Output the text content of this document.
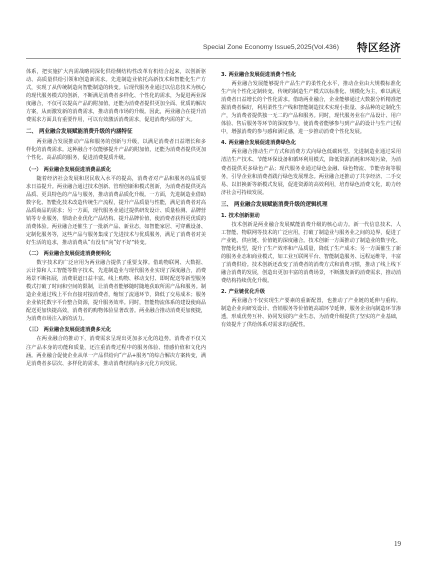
Special Zone Economy Issue5,2025(Vol.436) 特区经济

体系，把实施扩大内需战略同深化供给侧结构性改革有机结合起来，以创新驱动、高质量供给引领和创造新需求。先进制造业依托高新技术和智能化生产方式，实现了从传统制造向智能制造的转变。后现代服务业通过以信息技术为核心的现代服务模式的创新，不断满足消费者多样化、个性化的需求，为促进两业深度融合，不仅可以提高产品的附加值，还能为消费者提供更加全面、优质的解决方案，从而激发新的消费需求，推动消费市场的升级。因此，两业融合在提升消费需求方面具有重要作用，可以有效激活消费需求，促进消费内需的扩大。

二、 两业融合发展赋能消费升级的内涵特征

两业融合发展推动产品和服务的创新与升级，以满足消费者日益增长和多样化的消费需求。这种融合不仅能够提升产品的附加值，还能为消费者提供更加个性化、高品质的服务，促进消费提质升级。

（一） 两业融合发展促进消费品质化

随着经济社会发展和居民收入水平的提高，消费者对产品和服务的品质要求日益提升。两业融合通过技术创新、管理创新和模式创新，为消费者提供更高品质、更具特色的产品与服务，推动消费品质化升级。一方面，先进制造业借助数字化、智能化技术改造传统生产流程，提升产品质量与性能，满足消费者对高品质商品的需求；另一方面，现代服务业通过提供研发设计、质量检测、品牌营销等专业服务，帮助企业优化产品结构、提升品牌价值，使消费者获得更优质的消费体验。两业融合还催生了一批新产品、新业态，如智能家居、可穿戴设备、定制化服务等，这些产品与服务集成了先进技术与优质服务，满足了消费者对美好生活的追求，推动消费从“有没有”向“好不好”转变。

（二） 两业融合发展促进消费便利化

数字技术的广泛应用为两业融合提供了重要支撑。借助物联网、大数据、云计算和人工智能等数字技术，先进制造业与现代服务业实现了深度融合，消费场景不断拓展，消费渠道日益丰富。线上购物、移动支付、即时配送等新型服务模式打破了时间和空间的限制，让消费者能够随时随地获取所需产品和服务。制造企业通过线上平台直接对接消费者，缩短了流通环节，降低了交易成本；服务企业依托数字平台整合资源，提升服务效率。同时，智能物流体系的建设使商品配送更加快捷高效，消费者的购物体验显著改善。两业融合推动消费更加便捷，为消费市场注入新的活力。

（三） 两业融合发展促进消费多元化

在两业融合的推动下，消费需求呈现出更加多元化的趋势。消费者不仅关注产品本身的功能和质量，还注重消费过程中的服务体验、情感价值和文化内涵。两业融合促使企业从单一产品供给向“产品+服务”的综合解决方案转变，满足消费者多层次、多样化的需求，推动消费结构向多元化方向发展。

3. 两业融合发展促进消费个性化

两业融合发展能够提升产品生产的柔性化水平，推动企业由大规模标准化生产向个性化定制转变。传统的制造生产模式以标准化、规模化为主，难以满足消费者日益增长的个性化需求。借助两业融合，企业能够通过大数据分析精准把握消费者偏好，利用柔性生产线和智能制造技术实现小批量、多品种的定制化生产，为消费者提供独一无二的产品和服务。同时，现代服务业在产品设计、用户体验、售后服务等环节的深度参与，使消费者能够参与到产品的设计与生产过程中，增强消费的参与感和满足感，进一步推动消费个性化发展。

4. 两业融合发展促进消费绿色化

两业融合推动生产方式和消费方式向绿色低碳转型。先进制造业通过采用清洁生产技术、节能环保设备和循环利用模式，降低资源消耗和环境污染，为消费者提供更多绿色产品；现代服务业通过绿色金融、绿色物流、节能咨询等服务，引导企业和消费者践行绿色发展理念。两业融合还推动了共享经济、二手交易、以旧换新等新模式发展，促进资源的高效利用，培育绿色消费文化，助力经济社会可持续发展。

三、 两业融合发展赋能消费升级的逻辑机理
1. 技术创新驱动

技术创新是两业融合发展赋能消费升级的核心动力。新一代信息技术、人工智能、物联网等技术的广泛应用，打破了制造业与服务业之间的边界，促进了产业链、供应链、价值链的深度融合。技术创新一方面推动了制造业的数字化、智能化转型，提升了生产效率和产品质量，降低了生产成本；另一方面催生了新的服务业态和商业模式，如工业互联网平台、智能制造服务、远程运维等，丰富了消费供给。技术创新还改变了消费者的消费方式和消费习惯，推动了线上线下融合消费的发展，创造出更加丰富的消费场景，不断激发新的消费需求，推动消费结构持续优化升级。

2. 产业链优化升级

两业融合不仅实现生产要素的重新配置，也推动了产业链的延伸与重构。制造企业向研发设计、营销服务等价值链高端环节延伸，服务企业向制造环节渗透，形成优势互补、协同发展的产业生态，为消费升级提供了坚实的产业基础，有效提升了供给体系对需求的适配性。

19
